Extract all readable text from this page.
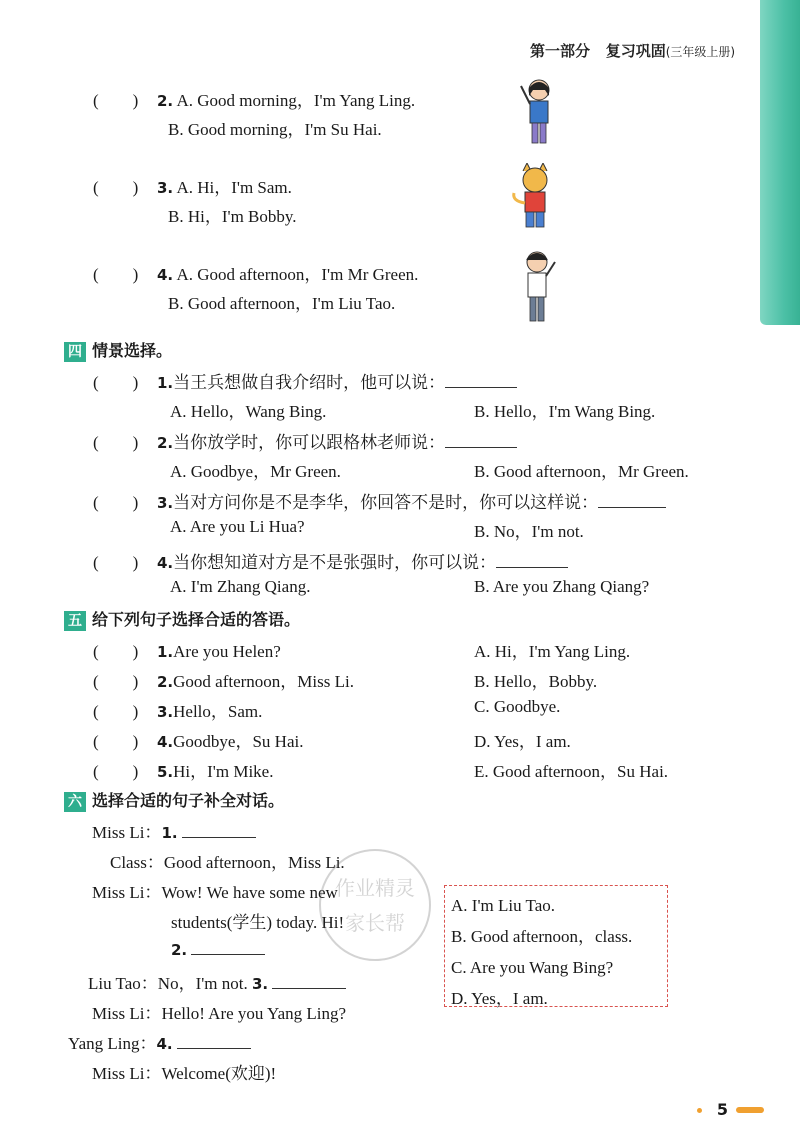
第一部分 复习巩固(三年级上册)
(　　) 2. A. Good morning，I'm Yang Ling.
B. Good morning，I'm Su Hai.
(　　) 3. A. Hi，I'm Sam.
B. Hi，I'm Bobby.
(　　) 4. A. Good afternoon，I'm Mr Green.
B. Good afternoon，I'm Liu Tao.
四 情景选择。
(　　) 1.当王兵想做自我介绍时，他可以说：
A. Hello，Wang Bing.	B. Hello，I'm Wang Bing.
(　　) 2.当你放学时，你可以跟格林老师说：
A. Goodbye，Mr Green.	B. Good afternoon，Mr Green.
(　　) 3.当对方问你是不是李华，你回答不是时，你可以这样说：
A. Are you Li Hua?	B. No，I'm not.
(　　) 4.当你想知道对方是不是张强时，你可以说：
A. I'm Zhang Qiang.	B. Are you Zhang Qiang?
五 给下列句子选择合适的答语。
(　　) 1.Are you Helen?	A. Hi，I'm Yang Ling.
(　　) 2.Good afternoon，Miss Li.	B. Hello，Bobby.
(　　) 3.Hello，Sam.	C. Goodbye.
(　　) 4.Goodbye，Su Hai.	D. Yes，I am.
(　　) 5.Hi，I'm Mike.	E. Good afternoon，Su Hai.
六 选择合适的句子补全对话。
Miss Li：1.
Class：Good afternoon，Miss Li.
Miss Li：Wow! We have some new
students(学生) today. Hi!
2.
Liu Tao：No，I'm not. 3.
Miss Li：Hello! Are you Yang Ling?
Yang Ling：4.
Miss Li：Welcome(欢迎)!
A. I'm Liu Tao.
B. Good afternoon，class.
C. Are you Wang Bing?
D. Yes，I am.
作业精灵
家长帮
5
